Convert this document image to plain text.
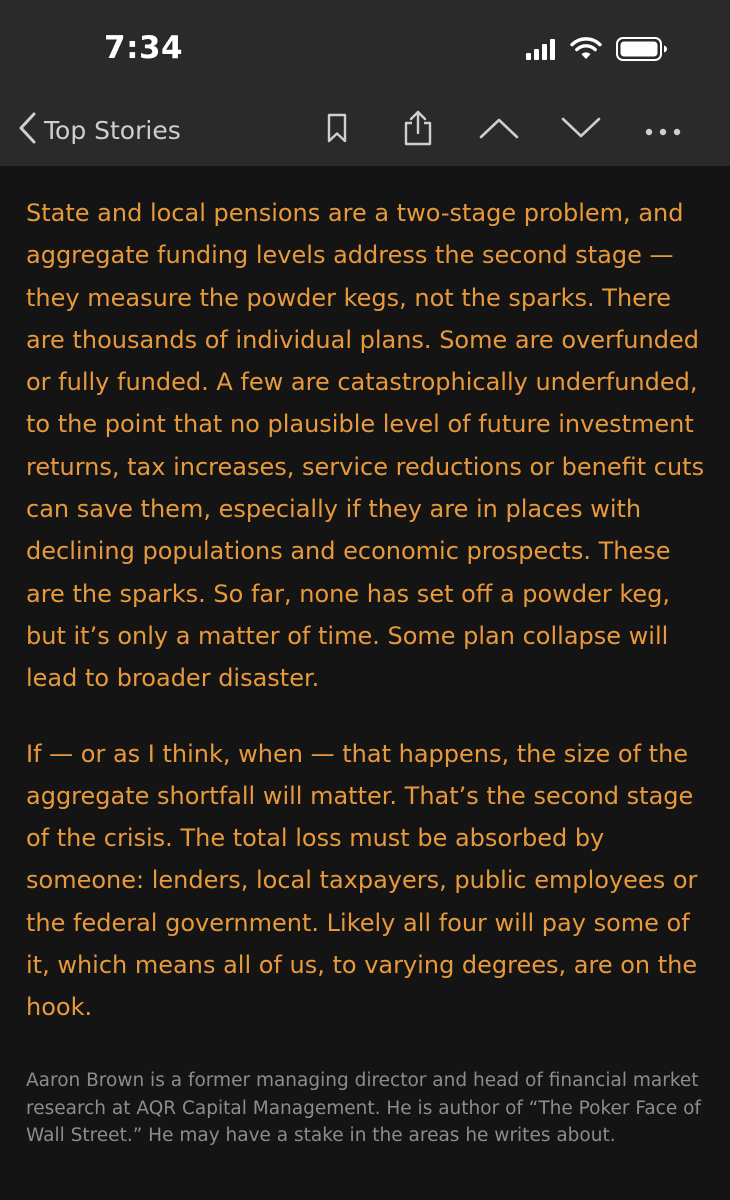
7:34
Top Stories

State and local pensions are a two-stage problem, and aggregate funding levels address the second stage — they measure the powder kegs, not the sparks. There are thousands of individual plans. Some are overfunded or fully funded. A few are catastrophically underfunded, to the point that no plausible level of future investment returns, tax increases, service reductions or benefit cuts can save them, especially if they are in places with declining populations and economic prospects. These are the sparks. So far, none has set off a powder keg, but it’s only a matter of time. Some plan collapse will lead to broader disaster.

If — or as I think, when — that happens, the size of the aggregate shortfall will matter. That’s the second stage of the crisis. The total loss must be absorbed by someone: lenders, local taxpayers, public employees or the federal government. Likely all four will pay some of it, which means all of us, to varying degrees, are on the hook.

Aaron Brown is a former managing director and head of financial market research at AQR Capital Management. He is author of “The Poker Face of Wall Street.” He may have a stake in the areas he writes about.
